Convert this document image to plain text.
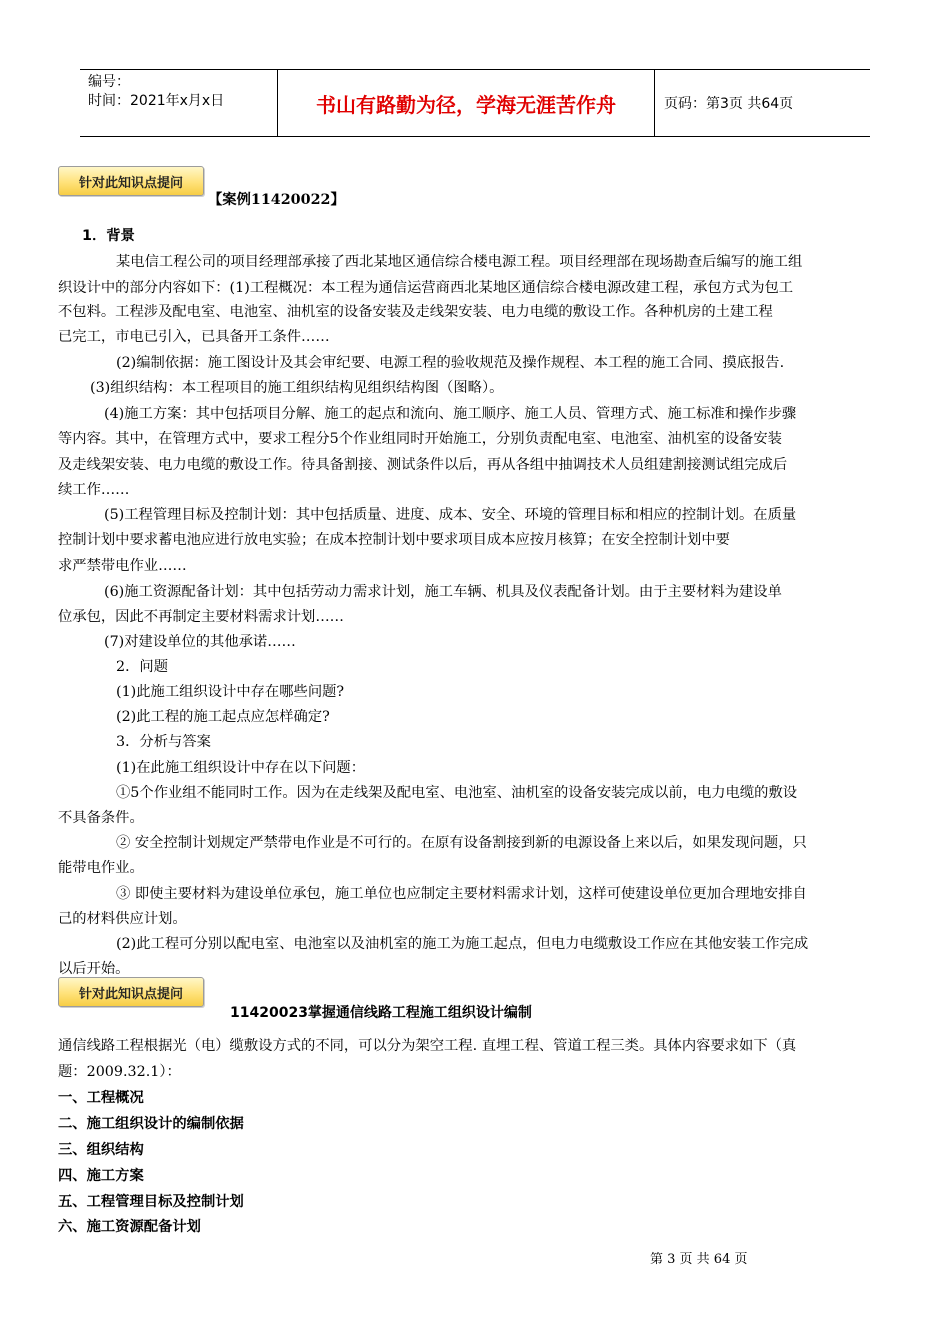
编号：
时间：2021年x月x日	书山有路勤为径，学海无涯苦作舟	页码：第3页 共64页
针对此知识点提问
【案例11420022】
1．背景
某电信工程公司的项目经理部承接了西北某地区通信综合楼电源工程。项目经理部在现场勘查后编写的施工组
织设计中的部分内容如下：(1)工程概况：本工程为通信运营商西北某地区通信综合楼电源改建工程，承包方式为包工
不包料。工程涉及配电室、电池室、油机室的设备安装及走线架安装、电力电缆的敷设工作。各种机房的土建工程
已完工，市电已引入，已具备开工条件……
(2)编制依据：施工图设计及其会审纪要、电源工程的验收规范及操作规程、本工程的施工合同、摸底报告.
(3)组织结构：本工程项目的施工组织结构见组织结构图（图略）。
(4)施工方案：其中包括项目分解、施工的起点和流向、施工顺序、施工人员、管理方式、施工标准和操作步骤
等内容。其中，在管理方式中，要求工程分5个作业组同时开始施工，分别负责配电室、电池室、油机室的设备安装
及走线架安装、电力电缆的敷设工作。待具备割接、测试条件以后，再从各组中抽调技术人员组建割接测试组完成后
续工作……
(5)工程管理目标及控制计划：其中包括质量、进度、成本、安全、环境的管理目标和相应的控制计划。在质量
控制计划中要求蓄电池应进行放电实验；在成本控制计划中要求项目成本应按月核算；在安全控制计划中要
求严禁带电作业……
(6)施工资源配备计划：其中包括劳动力需求计划，施工车辆、机具及仪表配备计划。由于主要材料为建设单
位承包，因此不再制定主要材料需求计划……
(7)对建设单位的其他承诺……
2．问题
(1)此施工组织设计中存在哪些问题?
(2)此工程的施工起点应怎样确定?
3．分析与答案
(1)在此施工组织设计中存在以下问题：
①5个作业组不能同时工作。因为在走线架及配电室、电池室、油机室的设备安装完成以前，电力电缆的敷设
不具备条件。
② 安全控制计划规定严禁带电作业是不可行的。在原有设备割接到新的电源设备上来以后，如果发现问题，只
能带电作业。
③ 即使主要材料为建设单位承包，施工单位也应制定主要材料需求计划，这样可使建设单位更加合理地安排自
己的材料供应计划。
(2)此工程可分别以配电室、电池室以及油机室的施工为施工起点，但电力电缆敷设工作应在其他安装工作完成
以后开始。
针对此知识点提问
11420023掌握通信线路工程施工组织设计编制
通信线路工程根据光（电）缆敷设方式的不同，可以分为架空工程. 直埋工程、管道工程三类。具体内容要求如下（真
题：2009.32.1）：
一、工程概况
二、施工组织设计的编制依据
三、组织结构
四、施工方案
五、工程管理目标及控制计划
六、施工资源配备计划
第 3 页 共 64 页
